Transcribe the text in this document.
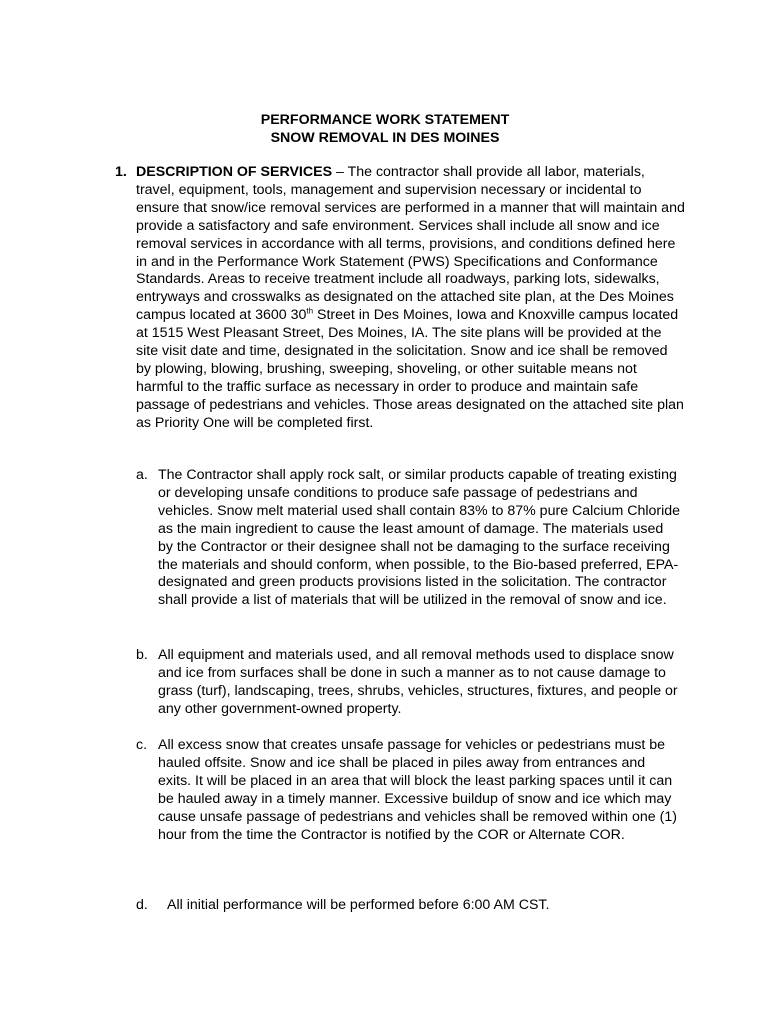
PERFORMANCE WORK STATEMENT
SNOW REMOVAL IN DES MOINES
1. DESCRIPTION OF SERVICES – The contractor shall provide all labor, materials, travel, equipment, tools, management and supervision necessary or incidental to ensure that snow/ice removal services are performed in a manner that will maintain and provide a satisfactory and safe environment. Services shall include all snow and ice removal services in accordance with all terms, provisions, and conditions defined here in and in the Performance Work Statement (PWS) Specifications and Conformance Standards. Areas to receive treatment include all roadways, parking lots, sidewalks, entryways and crosswalks as designated on the attached site plan, at the Des Moines campus located at 3600 30th Street in Des Moines, Iowa and Knoxville campus located at 1515 West Pleasant Street, Des Moines, IA. The site plans will be provided at the site visit date and time, designated in the solicitation. Snow and ice shall be removed by plowing, blowing, brushing, sweeping, shoveling, or other suitable means not harmful to the traffic surface as necessary in order to produce and maintain safe passage of pedestrians and vehicles. Those areas designated on the attached site plan as Priority One will be completed first.
a. The Contractor shall apply rock salt, or similar products capable of treating existing or developing unsafe conditions to produce safe passage of pedestrians and vehicles. Snow melt material used shall contain 83% to 87% pure Calcium Chloride as the main ingredient to cause the least amount of damage. The materials used by the Contractor or their designee shall not be damaging to the surface receiving the materials and should conform, when possible, to the Bio-based preferred, EPA-designated and green products provisions listed in the solicitation. The contractor shall provide a list of materials that will be utilized in the removal of snow and ice.
b. All equipment and materials used, and all removal methods used to displace snow and ice from surfaces shall be done in such a manner as to not cause damage to grass (turf), landscaping, trees, shrubs, vehicles, structures, fixtures, and people or any other government-owned property.
c. All excess snow that creates unsafe passage for vehicles or pedestrians must be hauled offsite. Snow and ice shall be placed in piles away from entrances and exits. It will be placed in an area that will block the least parking spaces until it can be hauled away in a timely manner. Excessive buildup of snow and ice which may cause unsafe passage of pedestrians and vehicles shall be removed within one (1) hour from the time the Contractor is notified by the COR or Alternate COR.
d. All initial performance will be performed before 6:00 AM CST.
